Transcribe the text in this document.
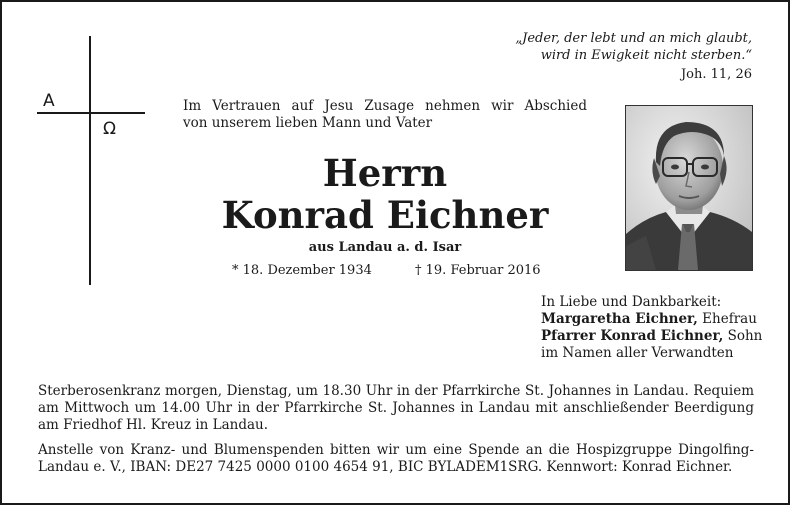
A
Ω
„Jeder, der lebt und an mich glaubt,
wird in Ewigkeit nicht sterben.“
Joh. 11, 26
Im Vertrauen auf Jesu Zusage nehmen wir Abschied
von unserem lieben Mann und Vater
Herrn
Konrad Eichner
aus Landau a. d. Isar
* 18. Dezember 1934	† 19. Februar 2016
In Liebe und Dankbarkeit:
Margaretha Eichner, Ehefrau
Pfarrer Konrad Eichner, Sohn
im Namen aller Verwandten
Sterberosenkranz morgen, Dienstag, um 18.30 Uhr in der Pfarrkirche St. Johannes in Landau. Requiem am Mittwoch um 14.00 Uhr in der Pfarrkirche St. Johannes in Landau mit anschließender Beerdigung am Friedhof Hl. Kreuz in Landau.
Anstelle von Kranz- und Blumenspenden bitten wir um eine Spende an die Hospizgruppe Dingolfing-Landau e. V., IBAN: DE27 7425 0000 0100 4654 91, BIC BYLADEM1SRG. Kennwort: Konrad Eichner.
